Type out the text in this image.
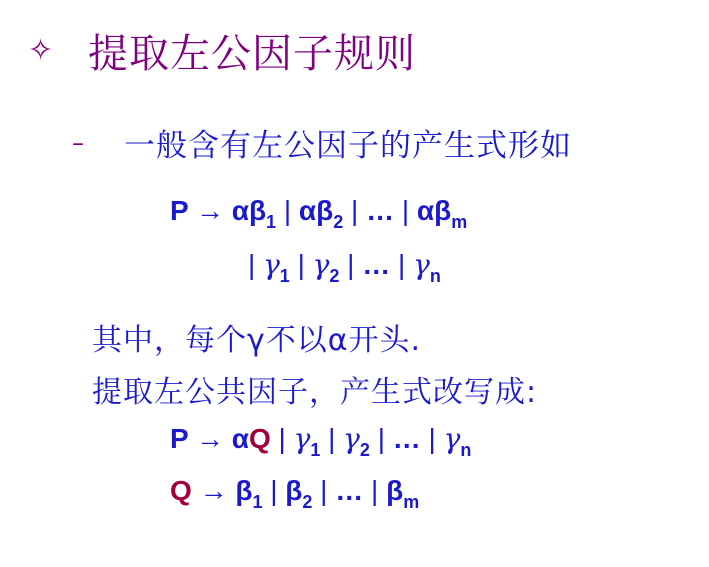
✧ 提取左公因子规则
–	一般含有左公因子的产生式形如
$P \to \alpha\beta_1$ | $\alpha\beta_2$ | … | $\alpha\beta_m$
| $\gamma_1$ | $\gamma_2$ | … | $\gamma_n$
其中，每个γ不以α开头.
提取左公共因子，产生式改写成:
P → αQ | $\gamma_1$ | $\gamma_2$ | … | $\gamma_n$
$Q \to \beta_1$ | $\beta_2$ | … | $\beta_m$
